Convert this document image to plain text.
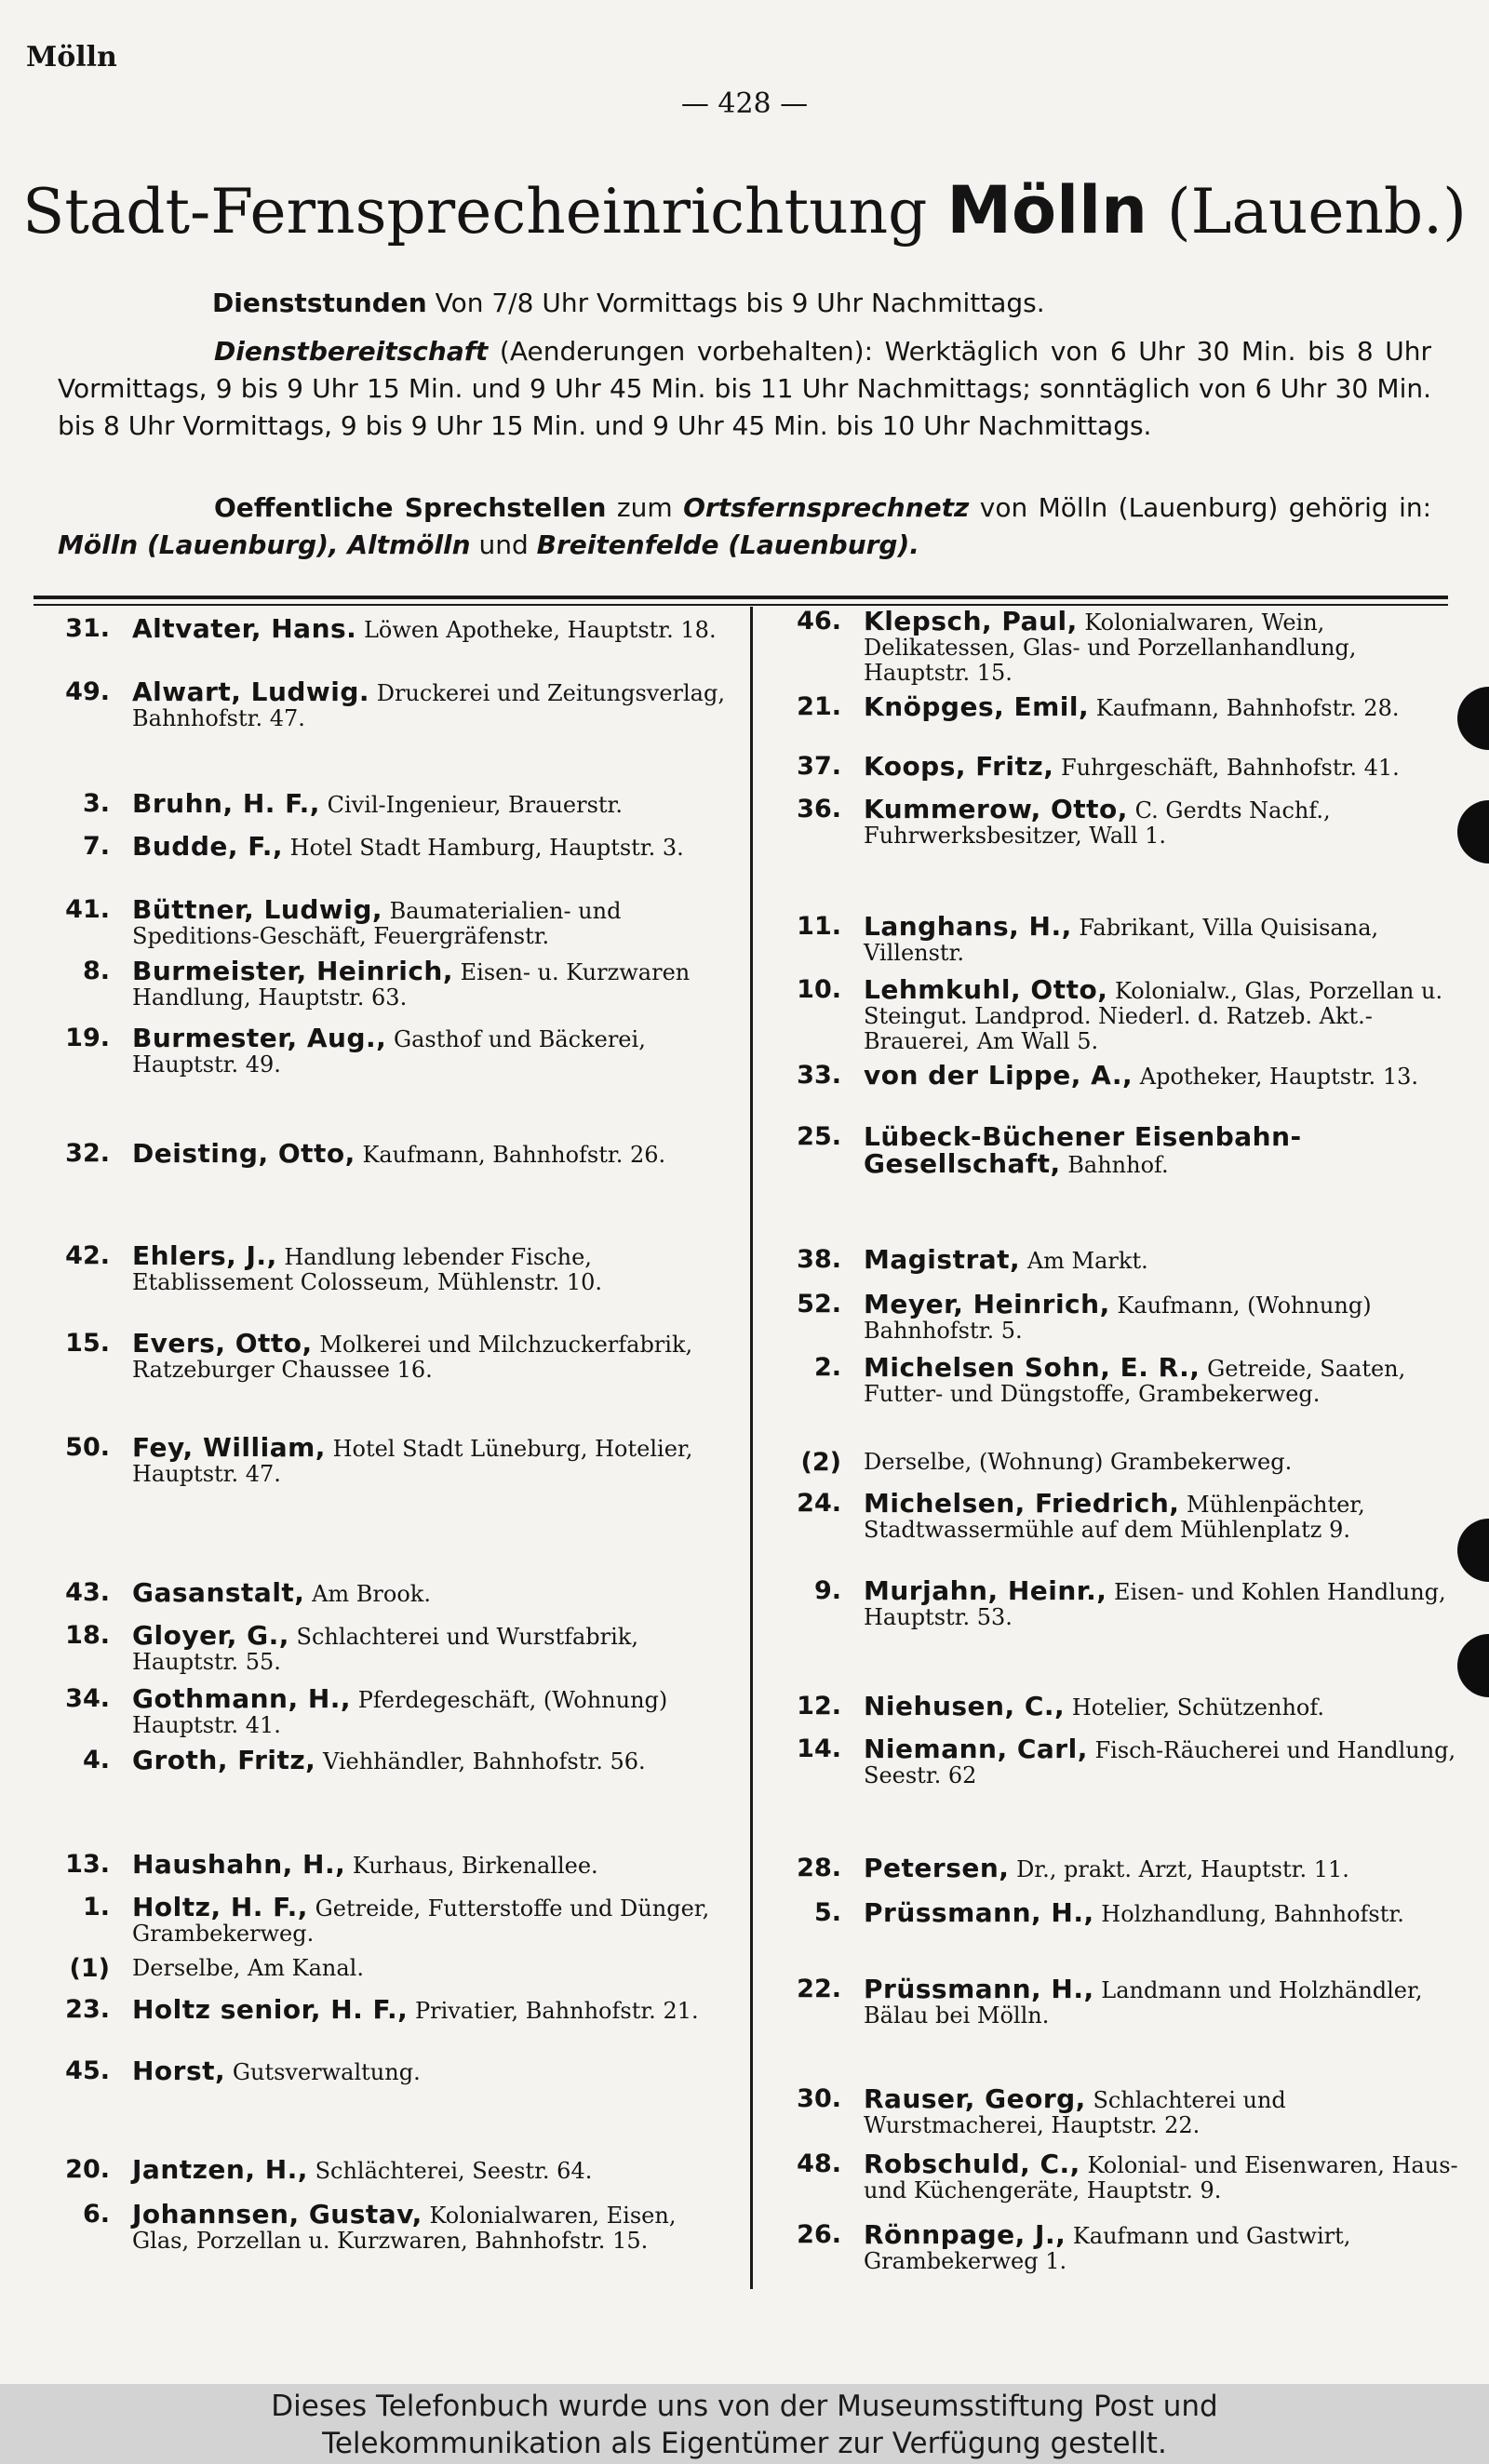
Mölln
— 428 —
Stadt-Fernsprecheinrichtung Mölln (Lauenb.)
Dienststunden Von 7/8 Uhr Vormittags bis 9 Uhr Nachmittags.
Dienstbereitschaft (Aenderungen vorbehalten): Werktäglich von 6 Uhr 30 Min. bis 8 Uhr Vormittags, 9 bis 9 Uhr 15 Min. und 9 Uhr 45 Min. bis 11 Uhr Nachmittags; sonntäglich von 6 Uhr 30 Min. bis 8 Uhr Vormittags, 9 bis 9 Uhr 15 Min. und 9 Uhr 45 Min. bis 10 Uhr Nachmittags.
Oeffentliche Sprechstellen zum Ortsfernsprechnetz von Mölln (Lauenburg) gehörig in: Mölln (Lauenburg), Altmölln und Breitenfelde (Lauenburg).
31. Altvater, Hans. Löwen Apotheke, Hauptstr. 18.
49. Alwart, Ludwig. Druckerei und Zeitungsverlag, Bahnhofstr. 47.
3. Bruhn, H. F., Civil-Ingenieur, Brauerstr.
7. Budde, F., Hotel Stadt Hamburg, Hauptstr. 3.
41. Büttner, Ludwig, Baumaterialien- und Speditions-Geschäft, Feuergräfenstr.
8. Burmeister, Heinrich, Eisen- u. Kurzwaren Handlung, Hauptstr. 63.
19. Burmester, Aug., Gasthof und Bäckerei, Hauptstr. 49.
32. Deisting, Otto, Kaufmann, Bahnhofstr. 26.
42. Ehlers, J., Handlung lebender Fische, Etablissement Colosseum, Mühlenstr. 10.
15. Evers, Otto, Molkerei und Milchzuckerfabrik, Ratzeburger Chaussee 16.
50. Fey, William, Hotel Stadt Lüneburg, Hotelier, Hauptstr. 47.
43. Gasanstalt, Am Brook.
18. Gloyer, G., Schlachterei und Wurstfabrik, Hauptstr. 55.
34. Gothmann, H., Pferdegeschäft, (Wohnung) Hauptstr. 41.
4. Groth, Fritz, Viehhändler, Bahnhofstr. 56.
13. Haushahn, H., Kurhaus, Birkenallee.
1. Holtz, H. F., Getreide, Futterstoffe und Dünger, Grambekerweg.
(1) Derselbe, Am Kanal.
23. Holtz senior, H. F., Privatier, Bahnhofstr. 21.
45. Horst, Gutsverwaltung.
20. Jantzen, H., Schlächterei, Seestr. 64.
6. Johannsen, Gustav, Kolonialwaren, Eisen, Glas, Porzellan u. Kurzwaren, Bahnhofstr. 15.
46. Klepsch, Paul, Kolonialwaren, Wein, Delikatessen, Glas- und Porzellanhandlung, Hauptstr. 15.
21. Knöpges, Emil, Kaufmann, Bahnhofstr. 28.
37. Koops, Fritz, Fuhrgeschäft, Bahnhofstr. 41.
36. Kummerow, Otto, C. Gerdts Nachf., Fuhrwerksbesitzer, Wall 1.
11. Langhans, H., Fabrikant, Villa Quisisana, Villenstr.
10. Lehmkuhl, Otto, Kolonialw., Glas, Porzellan u. Steingut. Landprod. Niederl. d. Ratzeb. Akt.-Brauerei, Am Wall 5.
33. von der Lippe, A., Apotheker, Hauptstr. 13.
25. Lübeck-Büchener Eisenbahn-Gesellschaft, Bahnhof.
38. Magistrat, Am Markt.
52. Meyer, Heinrich, Kaufmann, (Wohnung) Bahnhofstr. 5.
2. Michelsen Sohn, E. R., Getreide, Saaten, Futter- und Düngstoffe, Grambekerweg.
(2) Derselbe, (Wohnung) Grambekerweg.
24. Michelsen, Friedrich, Mühlenpächter, Stadtwassermühle auf dem Mühlenplatz 9.
9. Murjahn, Heinr., Eisen- und Kohlen Handlung, Hauptstr. 53.
12. Niehusen, C., Hotelier, Schützenhof.
14. Niemann, Carl, Fisch-Räucherei und Handlung, Seestr. 62
28. Petersen, Dr., prakt. Arzt, Hauptstr. 11.
5. Prüssmann, H., Holzhandlung, Bahnhofstr.
22. Prüssmann, H., Landmann und Holzhändler, Bälau bei Mölln.
30. Rauser, Georg, Schlachterei und Wurstmacherei, Hauptstr. 22.
48. Robschuld, C., Kolonial- und Eisenwaren, Haus- und Küchengeräte, Hauptstr. 9.
26. Rönnpage, J., Kaufmann und Gastwirt, Grambekerweg 1.
Dieses Telefonbuch wurde uns von der Museumsstiftung Post und
Telekommunikation als Eigentümer zur Verfügung gestellt.
